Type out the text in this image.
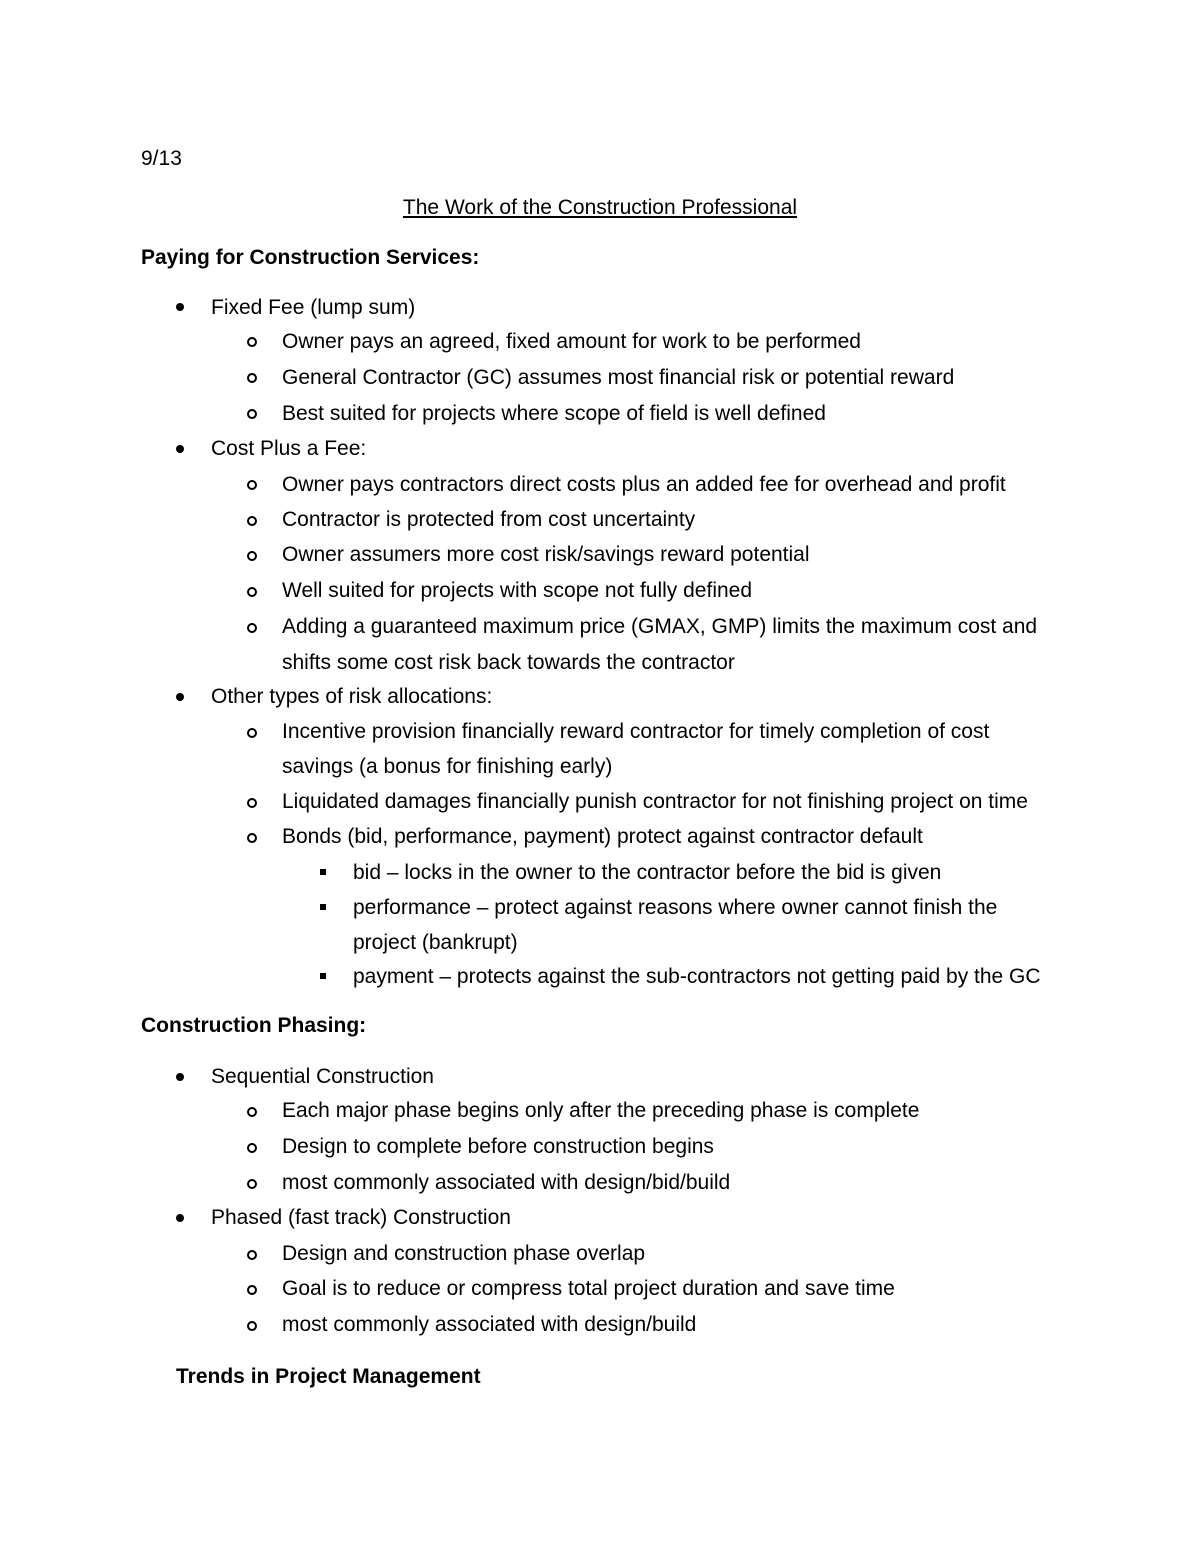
9/13
The Work of the Construction Professional
Paying for Construction Services:
Fixed Fee (lump sum)
Owner pays an agreed, fixed amount for work to be performed
General Contractor (GC) assumes most financial risk or potential reward
Best suited for projects where scope of field is well defined
Cost Plus a Fee:
Owner pays contractors direct costs plus an added fee for overhead and profit
Contractor is protected from cost uncertainty
Owner assumers more cost risk/savings reward potential
Well suited for projects with scope not fully defined
Adding a guaranteed maximum price (GMAX, GMP) limits the maximum cost and
shifts some cost risk back towards the contractor
Other types of risk allocations:
Incentive provision financially reward contractor for timely completion of cost
savings (a bonus for finishing early)
Liquidated damages financially punish contractor for not finishing project on time
Bonds (bid, performance, payment) protect against contractor default
bid – locks in the owner to the contractor before the bid is given
performance – protect against reasons where owner cannot finish the
project (bankrupt)
payment – protects against the sub-contractors not getting paid by the GC
Construction Phasing:
Sequential Construction
Each major phase begins only after the preceding phase is complete
Design to complete before construction begins
most commonly associated with design/bid/build
Phased (fast track) Construction
Design and construction phase overlap
Goal is to reduce or compress total project duration and save time
most commonly associated with design/build
Trends in Project Management
